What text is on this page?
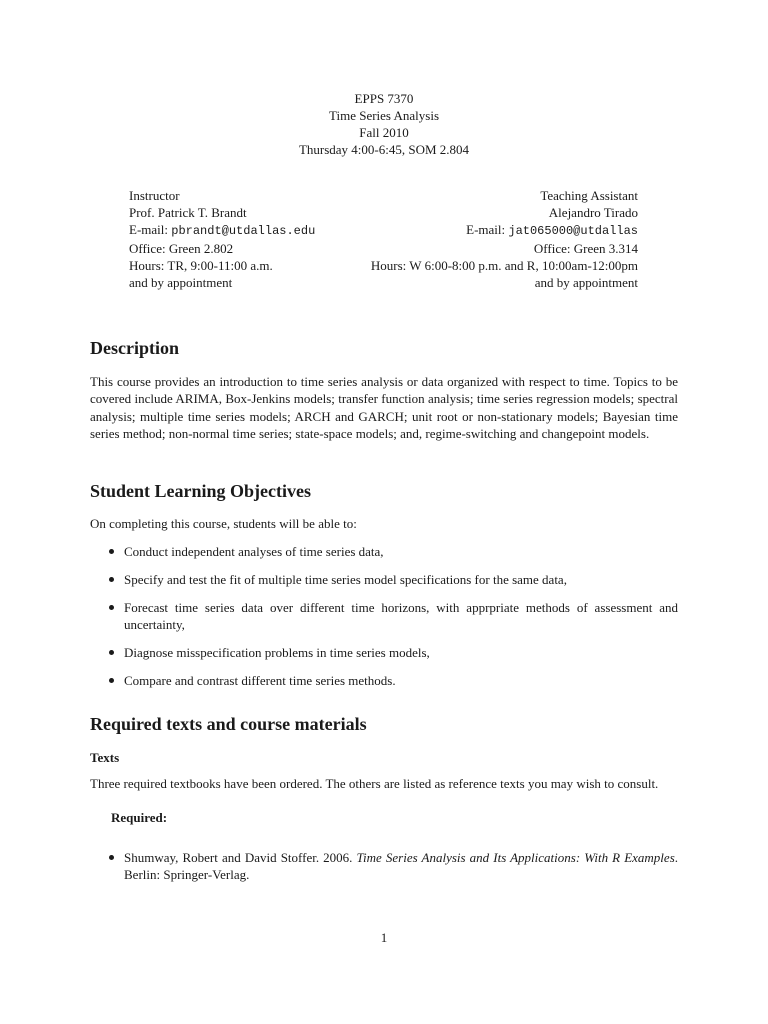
EPPS 7370
Time Series Analysis
Fall 2010
Thursday 4:00-6:45, SOM 2.804
Instructor
Prof. Patrick T. Brandt
E-mail: pbrandt@utdallas.edu
Office: Green 2.802
Hours: TR, 9:00-11:00 a.m.
and by appointment
Teaching Assistant
Alejandro Tirado
E-mail: jat065000@utdallas
Office: Green 3.314
Hours: W 6:00-8:00 p.m. and R, 10:00am-12:00pm
and by appointment
Description

This course provides an introduction to time series analysis or data organized with respect to time. Topics to be covered include ARIMA, Box-Jenkins models; transfer function analysis; time series regression models; spectral analysis; multiple time series models; ARCH and GARCH; unit root or non-stationary models; Bayesian time series method; non-normal time series; state-space models; and, regime-switching and changepoint models.

Student Learning Objectives

On completing this course, students will be able to:

Conduct independent analyses of time series data,
Specify and test the fit of multiple time series model specifications for the same data,
Forecast time series data over different time horizons, with apprpriate methods of assessment and uncertainty,
Diagnose misspecification problems in time series models,
Compare and contrast different time series methods.
Required texts and course materials
Texts

Three required textbooks have been ordered. The others are listed as reference texts you may wish to consult.

Required:

Shumway, Robert and David Stoffer. 2006. Time Series Analysis and Its Applications: With R Examples. Berlin: Springer-Verlag.
1
